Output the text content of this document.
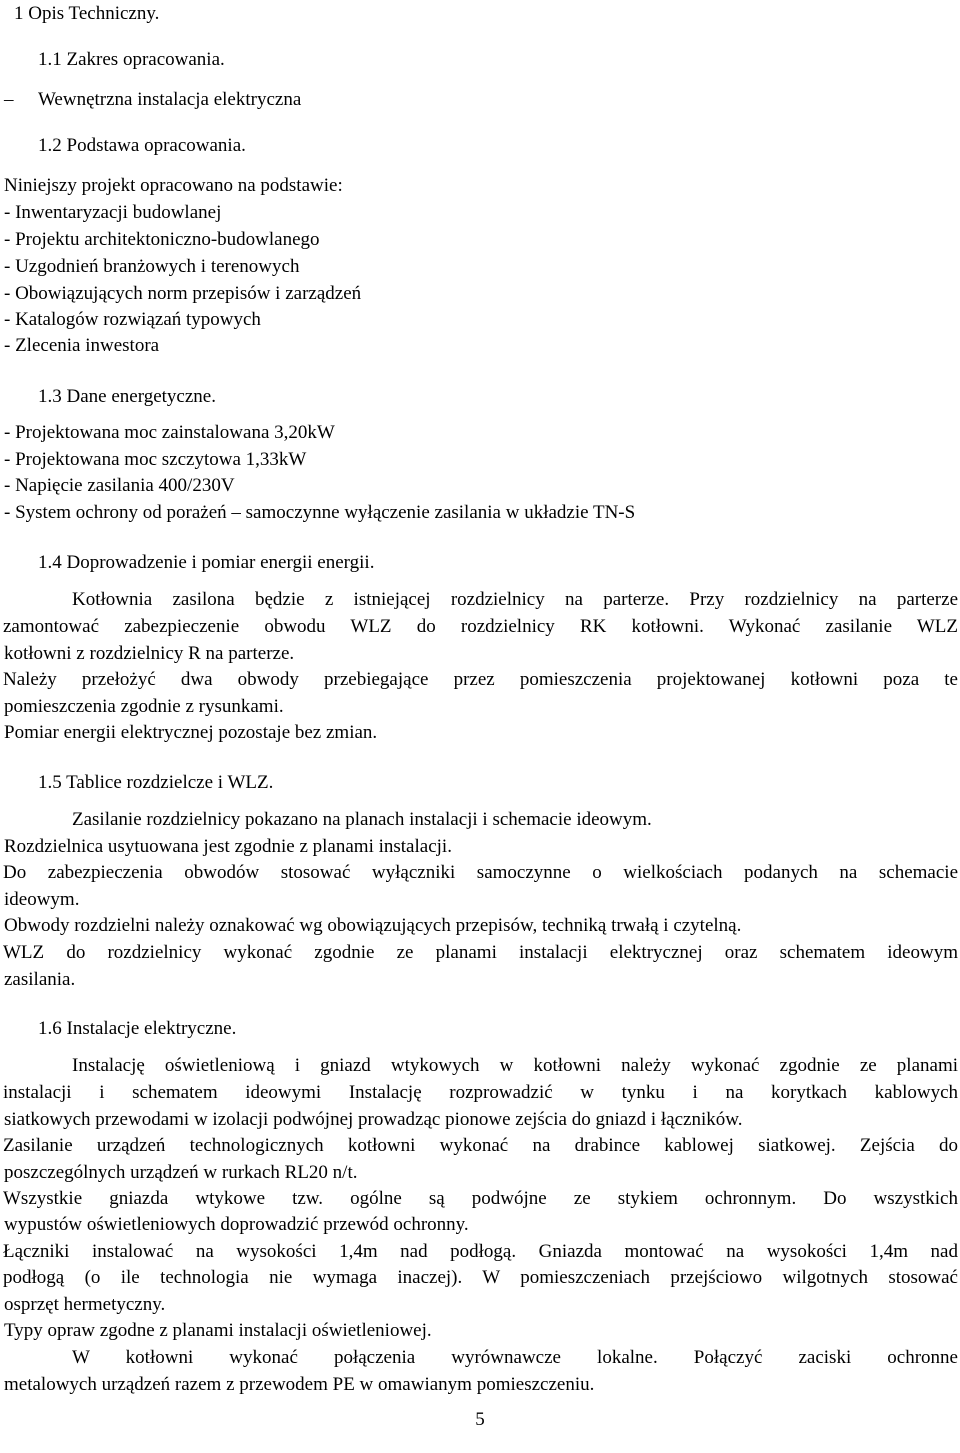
1 Opis Techniczny.
1.1 Zakres opracowania.
– Wewnętrzna instalacja elektryczna
1.2 Podstawa opracowania.
Niniejszy projekt opracowano na podstawie:
- Inwentaryzacji budowlanej
- Projektu architektoniczno-budowlanego
- Uzgodnień branżowych i terenowych
- Obowiązujących norm przepisów i zarządzeń
- Katalogów rozwiązań typowych
- Zlecenia inwestora
1.3 Dane energetyczne.
- Projektowana moc zainstalowana 3,20kW
- Projektowana moc szczytowa 1,33kW
- Napięcie zasilania 400/230V
- System ochrony od porażeń – samoczynne wyłączenie zasilania w układzie TN-S
1.4 Doprowadzenie i pomiar energii energii.
Kotłownia zasilona będzie z istniejącej rozdzielnicy na parterze. Przy rozdzielnicy na parterze
zamontować zabezpieczenie obwodu WLZ do rozdzielnicy RK kotłowni. Wykonać zasilanie WLZ
kotłowni z rozdzielnicy R na parterze.
Należy przełożyć dwa obwody przebiegające przez pomieszczenia projektowanej kotłowni poza te
pomieszczenia zgodnie z rysunkami.
Pomiar energii elektrycznej pozostaje bez zmian.
1.5 Tablice rozdzielcze i WLZ.
Zasilanie rozdzielnicy pokazano na planach instalacji i schemacie ideowym.
Rozdzielnica usytuowana jest zgodnie z planami instalacji.
Do zabezpieczenia obwodów stosować wyłączniki samoczynne o wielkościach podanych na schemacie
ideowym.
Obwody rozdzielni należy oznakować wg obowiązujących przepisów, techniką trwałą i czytelną.
WLZ do rozdzielnicy wykonać zgodnie ze planami instalacji elektrycznej oraz schematem ideowym
zasilania.
1.6 Instalacje elektryczne.
Instalację oświetleniową i gniazd wtykowych w kotłowni należy wykonać zgodnie ze planami
instalacji i schematem ideowymi Instalację rozprowadzić w tynku i na korytkach kablowych
siatkowych przewodami w izolacji podwójnej prowadząc pionowe zejścia do gniazd i łączników.
Zasilanie urządzeń technologicznych kotłowni wykonać na drabince kablowej siatkowej. Zejścia do
poszczególnych urządzeń w rurkach RL20 n/t.
Wszystkie gniazda wtykowe tzw. ogólne są podwójne ze stykiem ochronnym. Do wszystkich
wypustów oświetleniowych doprowadzić przewód ochronny.
Łączniki instalować na wysokości 1,4m nad podłogą. Gniazda montować na wysokości 1,4m nad
podłogą (o ile technologia nie wymaga inaczej). W pomieszczeniach przejściowo wilgotnych stosować
osprzęt hermetyczny.
Typy opraw zgodne z planami instalacji oświetleniowej.
W kotłowni wykonać połączenia wyrównawcze lokalne. Połączyć zaciski ochronne
metalowych urządzeń razem z przewodem PE w omawianym pomieszczeniu.
5
